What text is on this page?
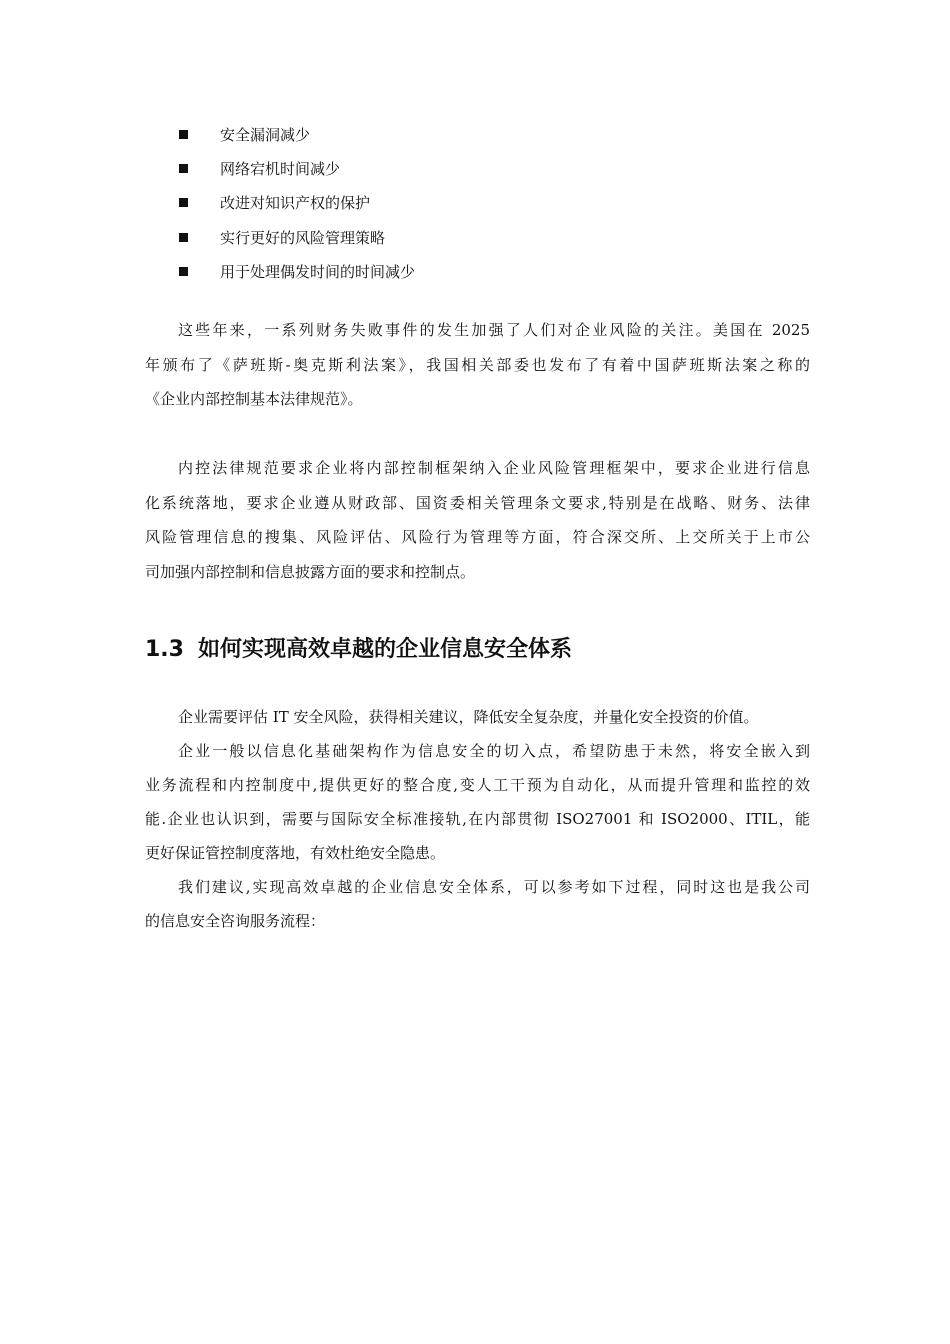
安全漏洞减少
网络宕机时间减少
改进对知识产权的保护
实行更好的风险管理策略
用于处理偶发时间的时间减少
这些年来，一系列财务失败事件的发生加强了人们对企业风险的关注。美国在 2025
年颁布了《萨班斯-奥克斯利法案》，我国相关部委也发布了有着中国萨班斯法案之称的
《企业内部控制基本法律规范》。
内控法律规范要求企业将内部控制框架纳入企业风险管理框架中，要求企业进行信息
化系统落地，要求企业遵从财政部、国资委相关管理条文要求,特别是在战略、财务、法律
风险管理信息的搜集、风险评估、风险行为管理等方面，符合深交所、上交所关于上市公
司加强内部控制和信息披露方面的要求和控制点。
1.3 如何实现高效卓越的企业信息安全体系
企业需要评估 IT 安全风险，获得相关建议，降低安全复杂度，并量化安全投资的价值。
企业一般以信息化基础架构作为信息安全的切入点，希望防患于未然，将安全嵌入到
业务流程和内控制度中,提供更好的整合度,变人工干预为自动化，从而提升管理和监控的效
能.企业也认识到，需要与国际安全标准接轨,在内部贯彻 ISO27001 和 ISO2000、ITIL，能
更好保证管控制度落地，有效杜绝安全隐患。
我们建议,实现高效卓越的企业信息安全体系，可以参考如下过程，同时这也是我公司
的信息安全咨询服务流程：
